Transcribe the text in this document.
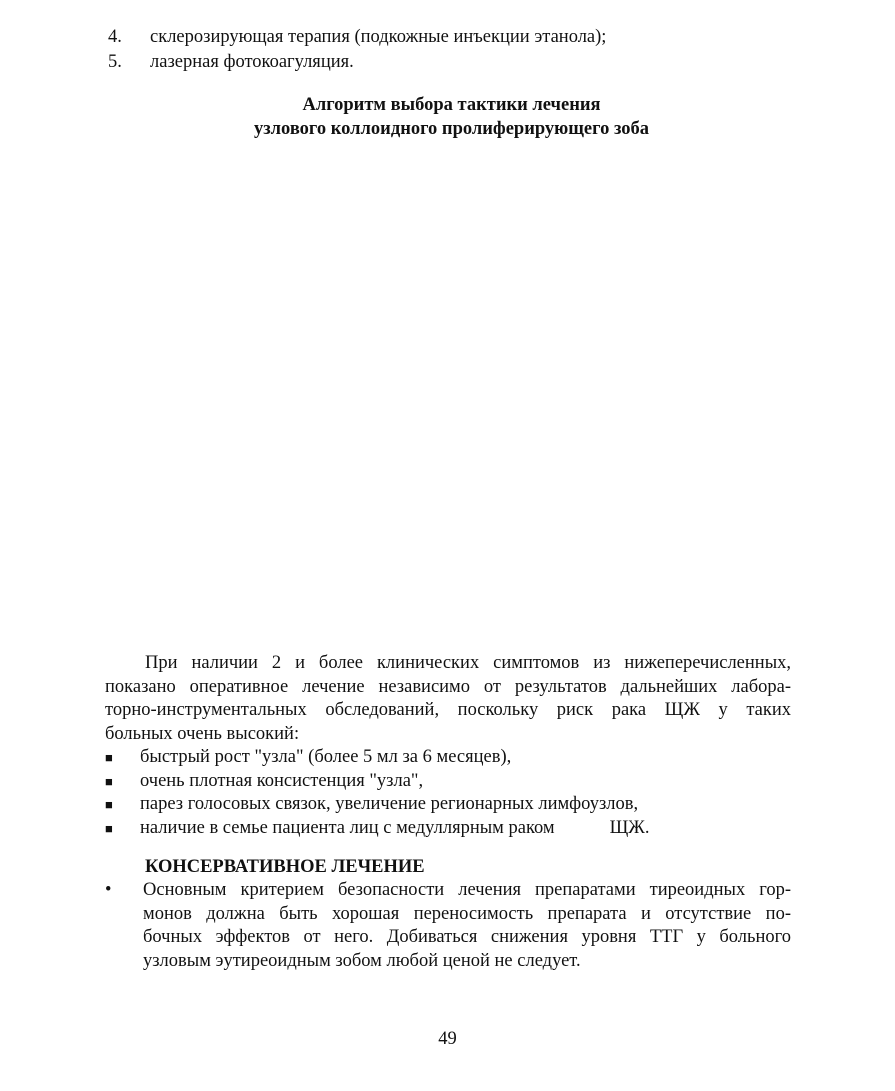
4.	склерозирующая терапия (подкожные инъекции этанола);
5.	лазерная фотокоагуляция.
Алгоритм выбора тактики лечения
узлового коллоидного пролиферирующего зоба
При наличии 2 и более клинических симптомов из нижеперечисленных,
показано оперативное лечение независимо от результатов дальнейших лабора-
торно-инструментальных обследований, поскольку риск рака ЩЖ у таких
больных очень высокий:
■	быстрый рост "узла" (более 5 мл за 6 месяцев),
■	очень плотная консистенция "узла",
■	парез голосовых связок, увеличение регионарных лимфоузлов,
■	наличие в семье пациента лиц с медуллярным раком	ЩЖ.
КОНСЕРВАТИВНОЕ ЛЕЧЕНИЕ
•	Основным критерием безопасности лечения препаратами тиреоидных гор-
монов должна быть хорошая переносимость препарата и отсутствие по-
бочных эффектов от него. Добиваться снижения уровня ТТГ у больного
узловым эутиреоидным зобом любой ценой не следует.
49
